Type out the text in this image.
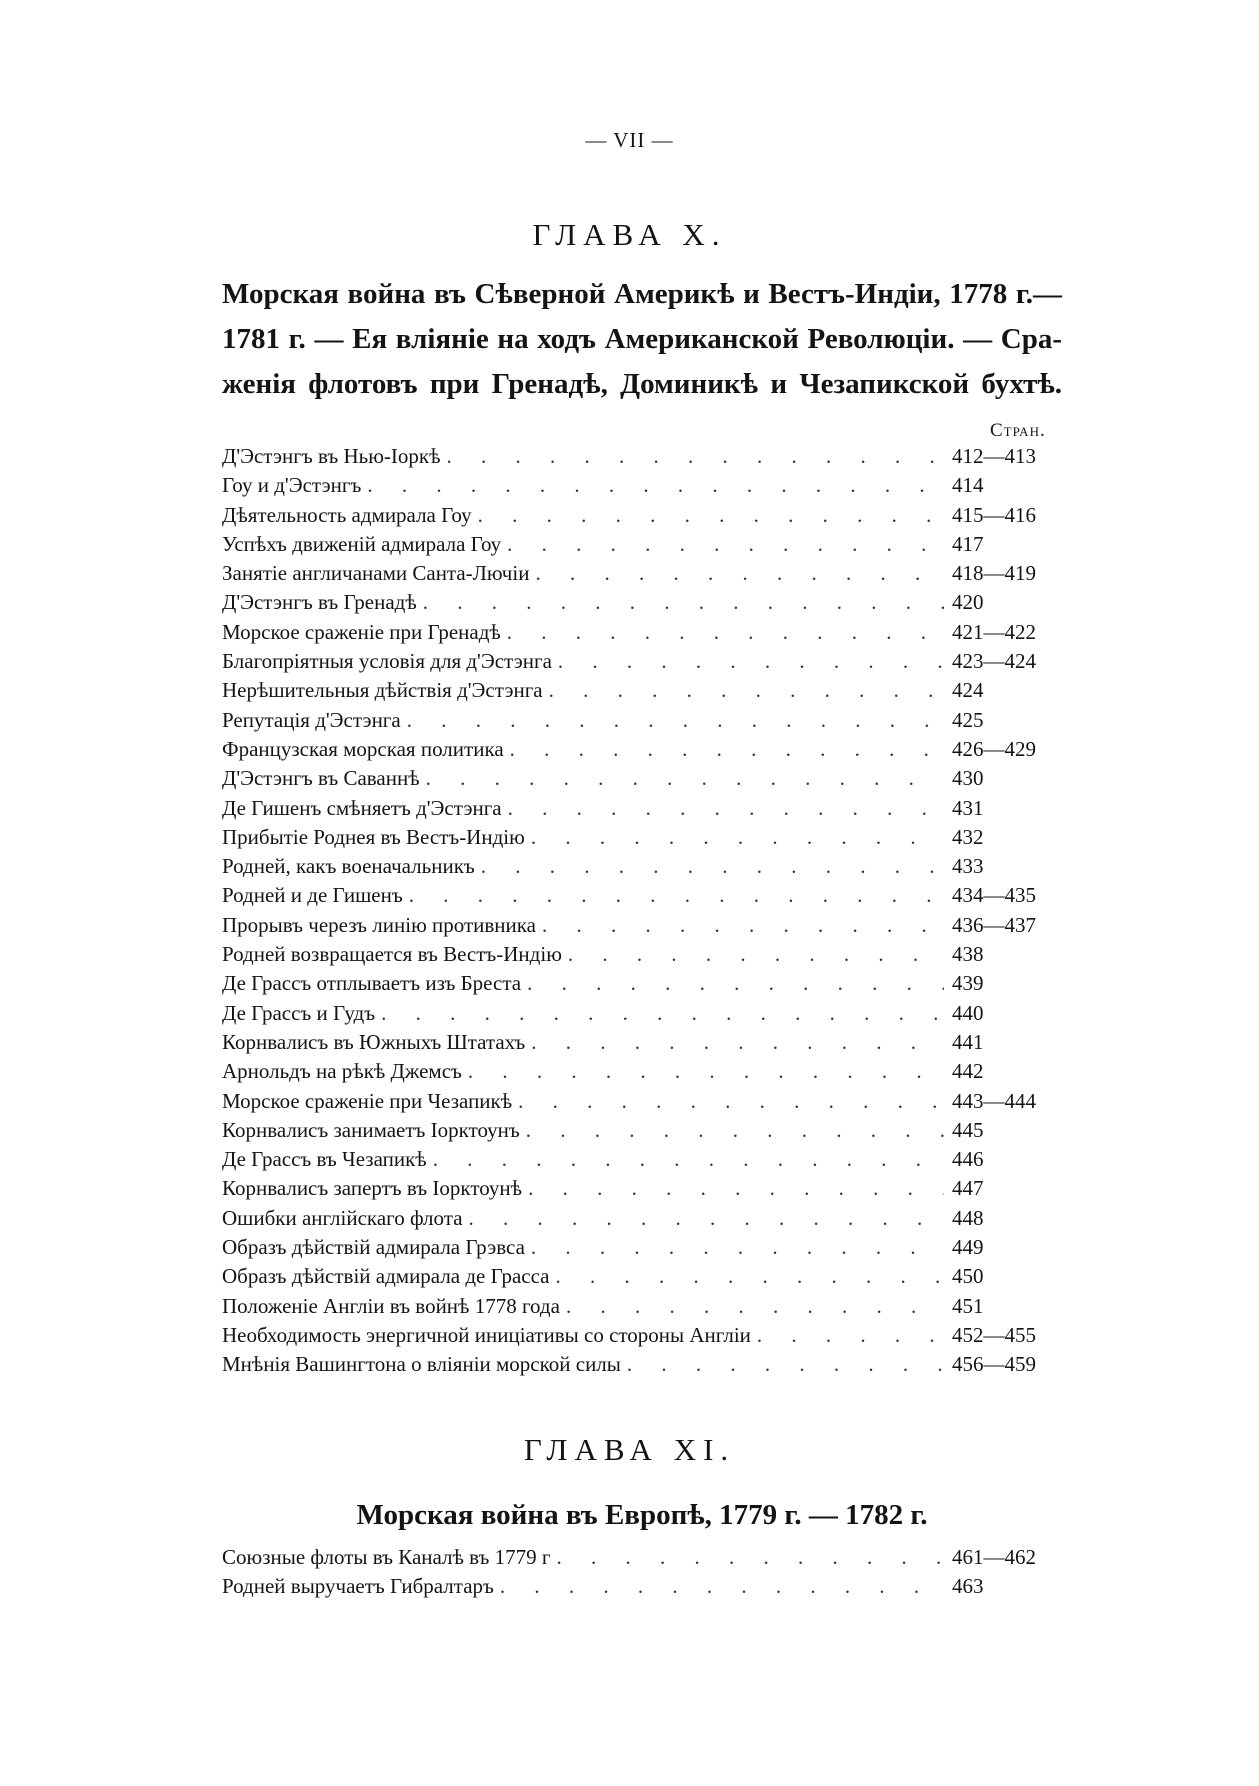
— VII —
ГЛАВА X.
Морская война въ Сѣверной Америкѣ и Вестъ-Индіи, 1778 г.—
1781 г. — Ея вліяніе на ходъ Американской Революціи. — Сра-
женія флотовъ при Гренадѣ, Доминикѣ и Чезапикской бухтѣ.
Стран.
Д'Эстэнгъ въ Нью-Іоркѣ . . .	412—413
Гоу и д'Эстэнгъ . . .	414
Дѣятельность адмирала Гоу . . .	415—416
Успѣхъ движеній адмирала Гоу . . .	417
Занятіе англичанами Санта-Лючіи . . .	418—419
Д'Эстэнгъ въ Гренадѣ . . .	420
Морское сраженіе при Гренадѣ . . .	421—422
Благопріятныя условія для д'Эстэнга . . .	423—424
Нерѣшительныя дѣйствія д'Эстэнга . . .	424
Репутація д'Эстэнга . . .	425
Французская морская политика . . .	426—429
Д'Эстэнгъ въ Саваннѣ . . .	430
Де Гишенъ смѣняетъ д'Эстэнга . . .	431
Прибытіе Роднея въ Вестъ-Индію . . .	432
Родней, какъ военачальникъ . . .	433
Родней и де Гишенъ . . .	434—435
Прорывъ черезъ линію противника . . .	436—437
Родней возвращается въ Вестъ-Индію . . .	438
Де Грассъ отплываетъ изъ Бреста . . .	439
Де Грассъ и Гудъ . . .	440
Корнвалисъ въ Южныхъ Штатахъ . . .	441
Арнольдъ на рѣкѣ Джемсъ . . .	442
Морское сраженіе при Чезапикѣ . . .	443—444
Корнвалисъ занимаетъ Іорктоунъ . . .	445
Де Грассъ въ Чезапикѣ . . .	446
Корнвалисъ запертъ въ Іорктоунѣ . . .	447
Ошибки англійскаго флота . . .	448
Образъ дѣйствій адмирала Грэвса . . .	449
Образъ дѣйствій адмирала де Грасса . . .	450
Положеніе Англіи въ войнѣ 1778 года . . .	451
Необходимость энергичной иниціативы со стороны Англіи . . .	452—455
Мнѣнія Вашингтона о вліяніи морской силы . . .	456—459
ГЛАВА XI.
Морская война въ Европѣ, 1779 г. — 1782 г.
Союзные флоты въ Каналѣ въ 1779 г . . .	461—462
Родней выручаетъ Гибралтаръ . . .	463
